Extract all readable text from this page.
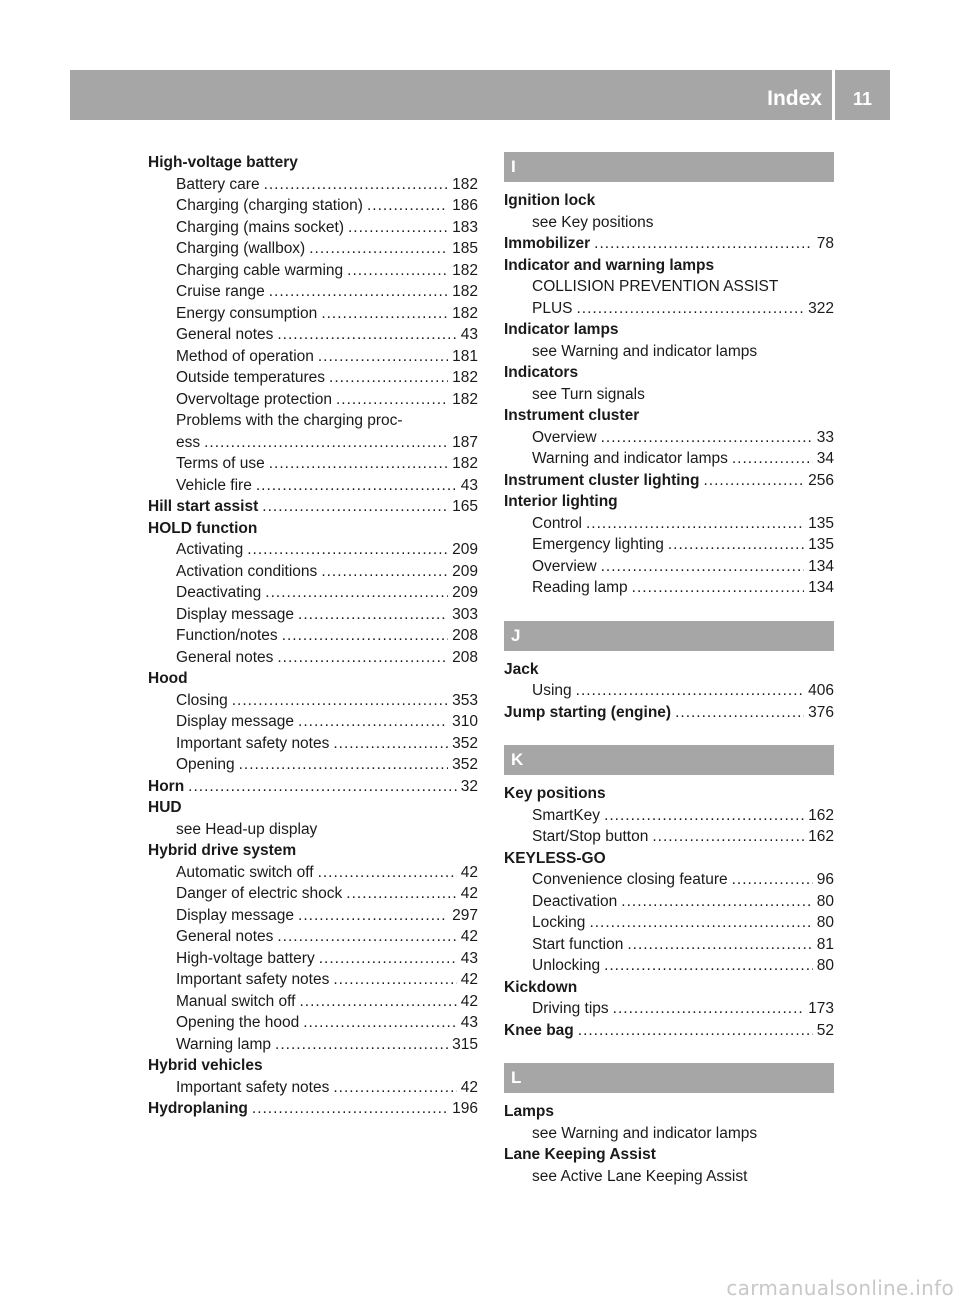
Index	11
High-voltage battery
Battery care .....	182
Charging (charging station) .....	186
Charging (mains socket) .....	183
Charging (wallbox) .....	185
Charging cable warming .....	182
Cruise range .....	182
Energy consumption .....	182
General notes .....	43
Method of operation .....	181
Outside temperatures .....	182
Overvoltage protection .....	182
Problems with the charging proc-
ess .....	187
Terms of use .....	182
Vehicle fire .....	43
Hill start assist .....	165
HOLD function
Activating .....	209
Activation conditions .....	209
Deactivating .....	209
Display message .....	303
Function/notes .....	208
General notes .....	208
Hood
Closing .....	353
Display message .....	310
Important safety notes .....	352
Opening .....	352
Horn .....	32
HUD
see Head-up display
Hybrid drive system
Automatic switch off .....	42
Danger of electric shock .....	42
Display message .....	297
General notes .....	42
High-voltage battery .....	43
Important safety notes .....	42
Manual switch off .....	42
Opening the hood .....	43
Warning lamp .....	315
Hybrid vehicles
Important safety notes .....	42
Hydroplaning .....	196
I
Ignition lock
see Key positions
Immobilizer .....	78
Indicator and warning lamps
COLLISION PREVENTION ASSIST
PLUS .....	322
Indicator lamps
see Warning and indicator lamps
Indicators
see Turn signals
Instrument cluster
Overview .....	33
Warning and indicator lamps .....	34
Instrument cluster lighting .....	256
Interior lighting
Control .....	135
Emergency lighting .....	135
Overview .....	134
Reading lamp .....	134
J
Jack
Using .....	406
Jump starting (engine) .....	376
K
Key positions
SmartKey .....	162
Start/Stop button .....	162
KEYLESS-GO
Convenience closing feature .....	96
Deactivation .....	80
Locking .....	80
Start function .....	81
Unlocking .....	80
Kickdown
Driving tips .....	173
Knee bag .....	52
L
Lamps
see Warning and indicator lamps
Lane Keeping Assist
see Active Lane Keeping Assist
carmanualsonline.info
